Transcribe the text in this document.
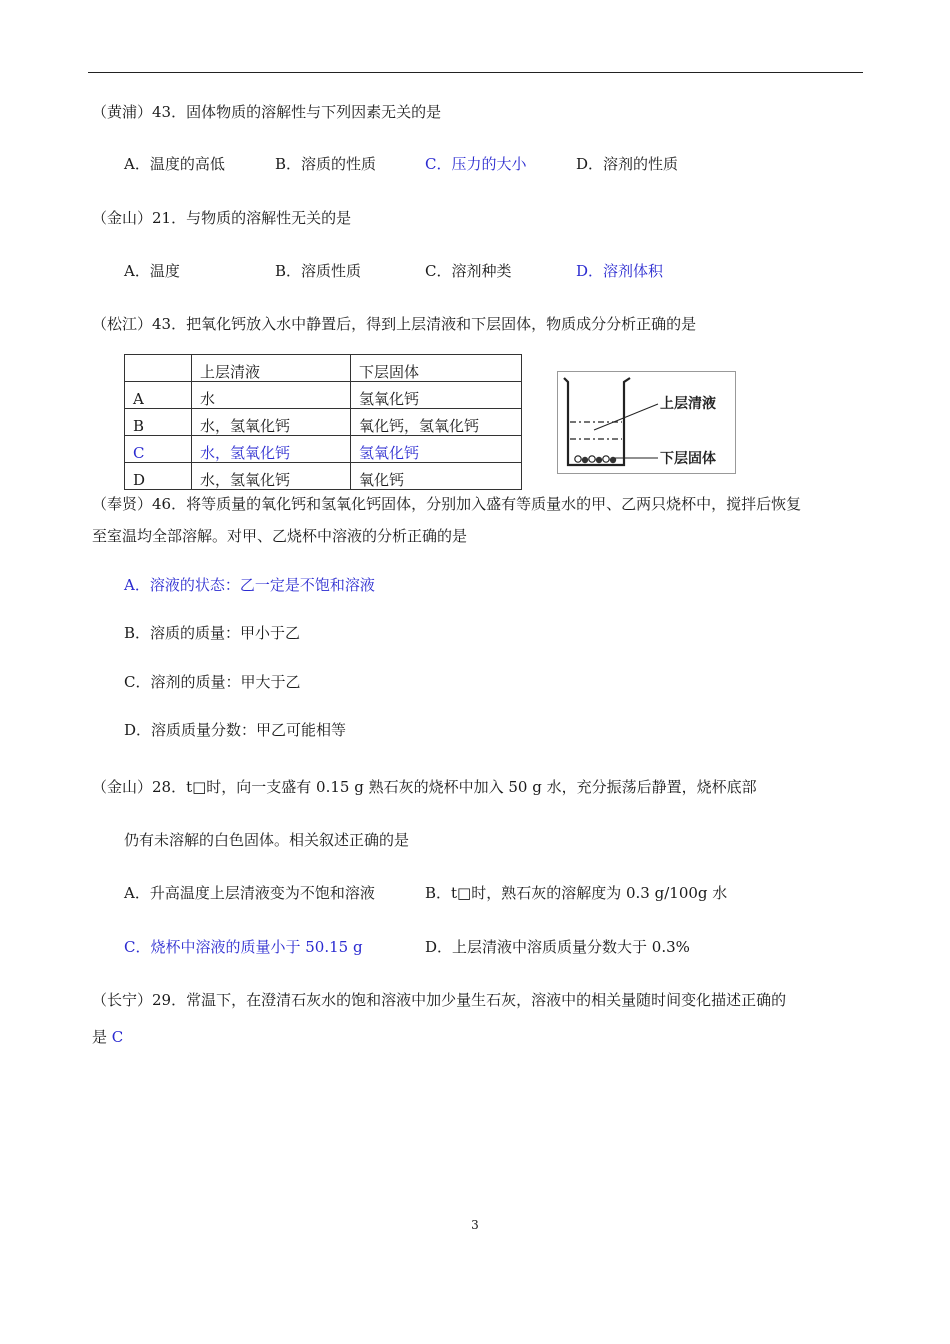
（黄浦）43．固体物质的溶解性与下列因素无关的是
A．温度的高低	B．溶质的性质	C．压力的大小	D．溶剂的性质
（金山）21．与物质的溶解性无关的是
A．温度	B．溶质性质	C．溶剂种类	D．溶剂体积
（松江）43．把氧化钙放入水中静置后，得到上层清液和下层固体，物质成分分析正确的是
	上层清液	下层固体
A	水	氢氧化钙
B	水，氢氧化钙	氧化钙，氢氧化钙
C	水，氢氧化钙	氢氧化钙
D	水，氢氧化钙	氧化钙
上层清液
下层固体
（奉贤）46．将等质量的氧化钙和氢氧化钙固体，分别加入盛有等质量水的甲、乙两只烧杯中，搅拌后恢复
至室温均全部溶解。对甲、乙烧杯中溶液的分析正确的是
A．溶液的状态：乙一定是不饱和溶液
B．溶质的质量：甲小于乙
C．溶剂的质量：甲大于乙
D．溶质质量分数：甲乙可能相等
（金山）28．t□时，向一支盛有 0.15 g 熟石灰的烧杯中加入 50 g 水，充分振荡后静置，烧杯底部
仍有未溶解的白色固体。相关叙述正确的是
A．升高温度上层清液变为不饱和溶液	B．t□时，熟石灰的溶解度为 0.3 g/100g 水
C．烧杯中溶液的质量小于 50.15 g	D．上层清液中溶质质量分数大于 0.3%
（长宁）29．常温下，在澄清石灰水的饱和溶液中加少量生石灰，溶液中的相关量随时间变化描述正确的
是 C
3
